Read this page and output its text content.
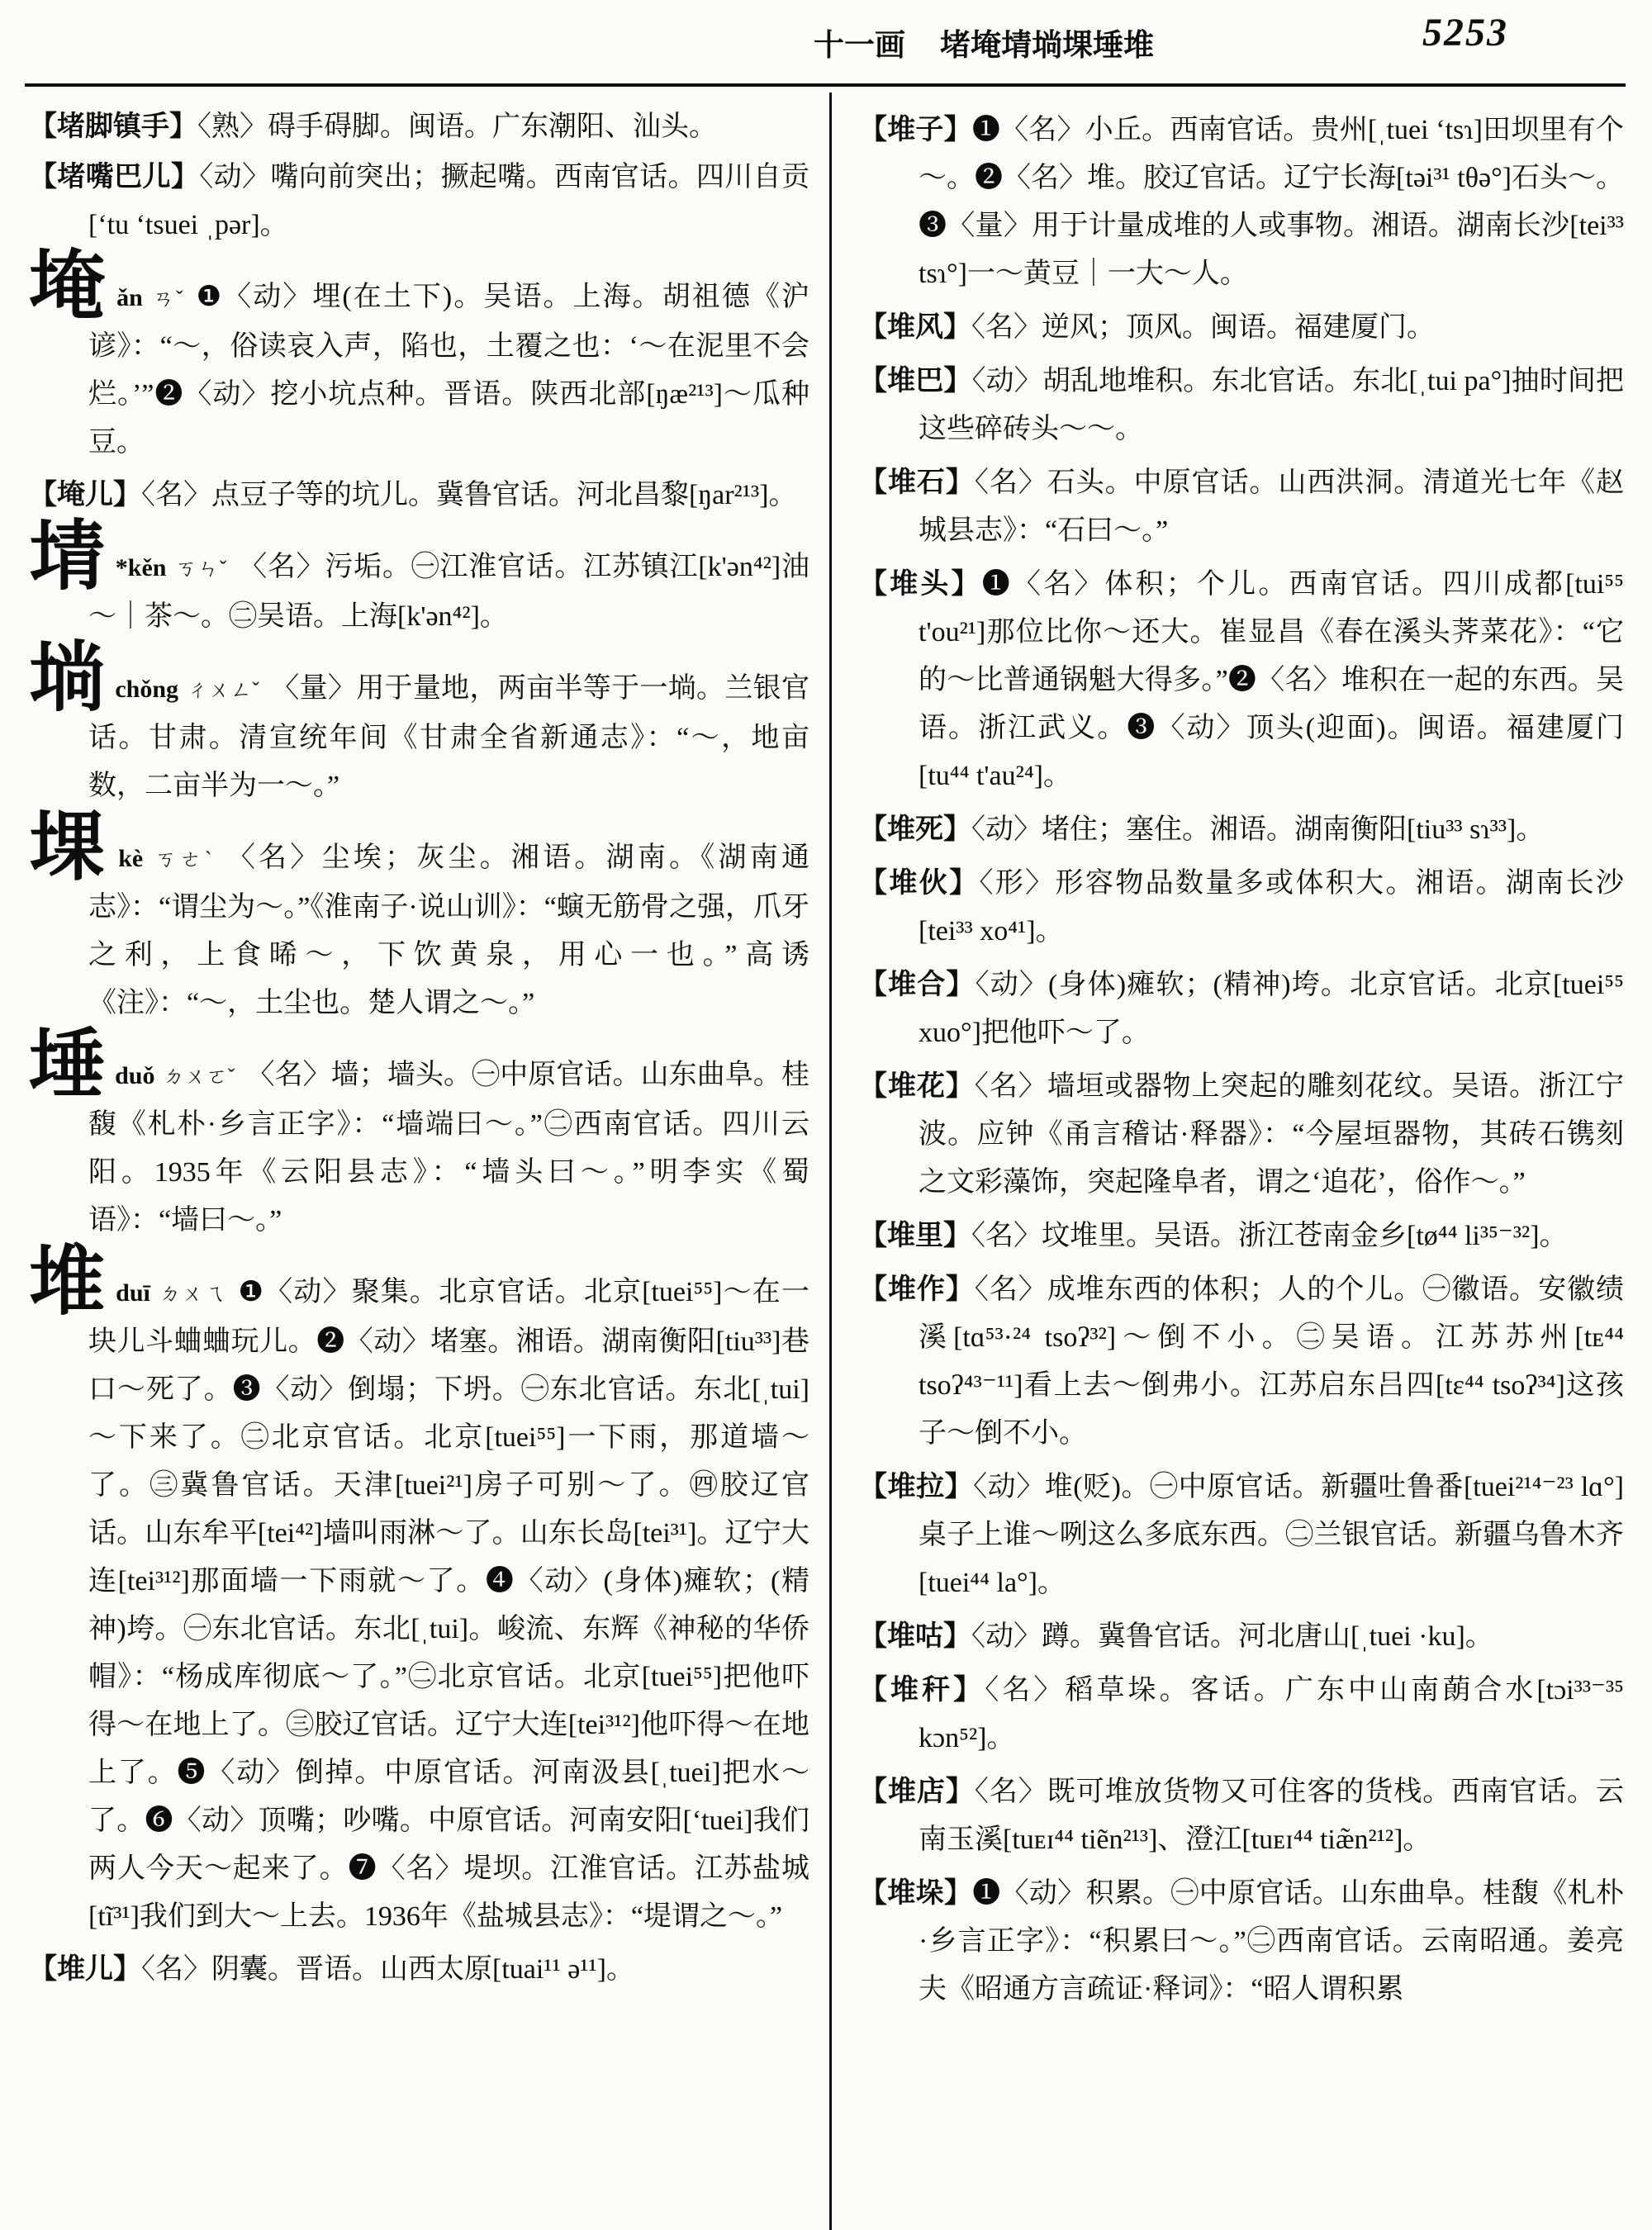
十一画 堵埯埥埫堁埵堆	5253
【堵脚镇手】〈熟〉碍手碍脚。闽语。广东潮阳、汕头。
【堵嘴巴儿】〈动〉嘴向前突出；撅起嘴。西南官话。四川自贡[ʻtu ʻtsuei ˌpər]。
埯ǎn ㄢˇ ❶〈动〉埋(在土下)。吴语。上海。胡祖德《沪谚》：“～，俗读哀入声，陷也，土覆之也：‘～在泥里不会烂。’”❷〈动〉挖小坑点种。晋语。陕西北部[ŋæ²¹³]～瓜种豆。
【埯儿】〈名〉点豆子等的坑儿。冀鲁官话。河北昌黎[ŋar²¹³]。
埥 *kěn ㄎㄣˇ 〈名〉污垢。㊀江淮官话。江苏镇江[k'ən⁴²]油～｜茶～。㊁吴语。上海[k'ən⁴²]。
埫chǒng ㄔㄨㄥˇ 〈量〉用于量地，两亩半等于一埫。兰银官话。甘肃。清宣统年间《甘肃全省新通志》：“～，地亩数，二亩半为一～。”
堁kè ㄎㄜˋ 〈名〉尘埃；灰尘。湘语。湖南。《湖南通志》：“谓尘为～。”《淮南子·说山训》：“螾无筋骨之强，爪牙之利，上食晞～，下饮黄泉，用心一也。”高诱《注》：“～，土尘也。楚人谓之～。”
埵duǒ ㄉㄨㄛˇ 〈名〉墙；墙头。㊀中原官话。山东曲阜。桂馥《札朴·乡言正字》：“墙端曰～。”㊁西南官话。四川云阳。1935年《云阳县志》：“墙头曰～。”明李实《蜀语》：“墙曰～。”
堆duī ㄉㄨㄟ ❶〈动〉聚集。北京官话。北京[tuei⁵⁵]～在一块儿斗蛐蛐玩儿。❷〈动〉堵塞。湘语。湖南衡阳[tiu³³]巷口～死了。❸〈动〉倒塌；下坍。㊀东北官话。东北[ˌtui]～下来了。㊁北京官话。北京[tuei⁵⁵]一下雨，那道墙～了。㊂冀鲁官话。天津[tuei²¹]房子可别～了。㊃胶辽官话。山东牟平[tei⁴²]墙叫雨淋～了。山东长岛[tei³¹]。辽宁大连[tei³¹²]那面墙一下雨就～了。❹〈动〉(身体)瘫软；(精神)垮。㊀东北官话。东北[ˌtui]。峻流、东辉《神秘的华侨帽》：“杨成库彻底～了。”㊁北京官话。北京[tuei⁵⁵]把他吓得～在地上了。㊂胶辽官话。辽宁大连[tei³¹²]他吓得～在地上了。❺〈动〉倒掉。中原官话。河南汲县[ˌtuei]把水～了。❻〈动〉顶嘴；吵嘴。中原官话。河南安阳[ʻtuei]我们两人今天～起来了。❼〈名〉堤坝。江淮官话。江苏盐城[tĩ³¹]我们到大～上去。1936年《盐城县志》：“堤谓之～。”
【堆儿】〈名〉阴囊。晋语。山西太原[tuai¹¹ ə¹¹]。
【堆子】❶〈名〉小丘。西南官话。贵州[ˌtuei ʻtsɿ]田坝里有个～。❷〈名〉堆。胶辽官话。辽宁长海[təi³¹ tθə°]石头～。❸〈量〉用于计量成堆的人或事物。湘语。湖南长沙[tei³³ tsɿ°]一～黄豆｜一大～人。
【堆风】〈名〉逆风；顶风。闽语。福建厦门。
【堆巴】〈动〉胡乱地堆积。东北官话。东北[ˌtui pa°]抽时间把这些碎砖头～～。
【堆石】〈名〉石头。中原官话。山西洪洞。清道光七年《赵城县志》：“石曰～。”
【堆头】❶〈名〉体积；个儿。西南官话。四川成都[tui⁵⁵ t'ou²¹]那位比你～还大。崔显昌《春在溪头荠菜花》：“它的～比普通锅魁大得多。”❷〈名〉堆积在一起的东西。吴语。浙江武义。❸〈动〉顶头(迎面)。闽语。福建厦门[tu⁴⁴ t'au²⁴]。
【堆死】〈动〉堵住；塞住。湘语。湖南衡阳[tiu³³ sɿ³³]。
【堆伙】〈形〉形容物品数量多或体积大。湘语。湖南长沙[tei³³ xo⁴¹]。
【堆合】〈动〉(身体)瘫软；(精神)垮。北京官话。北京[tuei⁵⁵ xuo°]把他吓～了。
【堆花】〈名〉墙垣或器物上突起的雕刻花纹。吴语。浙江宁波。应钟《甬言稽诂·释器》：“今屋垣器物，其砖石镌刻之文彩藻饰，突起隆阜者，谓之‘追花’，俗作～。”
【堆里】〈名〉坟堆里。吴语。浙江苍南金乡[tø⁴⁴ li³⁵⁻³²]。
【堆作】〈名〉成堆东西的体积；人的个儿。㊀徽语。安徽绩溪[tɑ⁵³·²⁴ tsoʔ³²]～倒不小。㊁吴语。江苏苏州[tᴇ⁴⁴ tsoʔ⁴³⁻¹¹]看上去～倒弗小。江苏启东吕四[tɛ⁴⁴ tsoʔ³⁴]这孩子～倒不小。
【堆拉】〈动〉堆(贬)。㊀中原官话。新疆吐鲁番[tuei²¹⁴⁻²³ lɑ°]桌子上谁～咧这么多底东西。㊁兰银官话。新疆乌鲁木齐[tuei⁴⁴ la°]。
【堆咕】〈动〉蹲。冀鲁官话。河北唐山[ˌtuei ·ku]。
【堆秆】〈名〉稻草垛。客话。广东中山南蓢合水[tɔi³³⁻³⁵ kɔn⁵²]。
【堆店】〈名〉既可堆放货物又可住客的货栈。西南官话。云南玉溪[tuᴇɪ⁴⁴ tiẽn²¹³]、澄江[tuᴇɪ⁴⁴ tiæ̃n²¹²]。
【堆垛】❶〈动〉积累。㊀中原官话。山东曲阜。桂馥《札朴·乡言正字》：“积累曰～。”㊁西南官话。云南昭通。姜亮夫《昭通方言疏证·释词》：“昭人谓积累
